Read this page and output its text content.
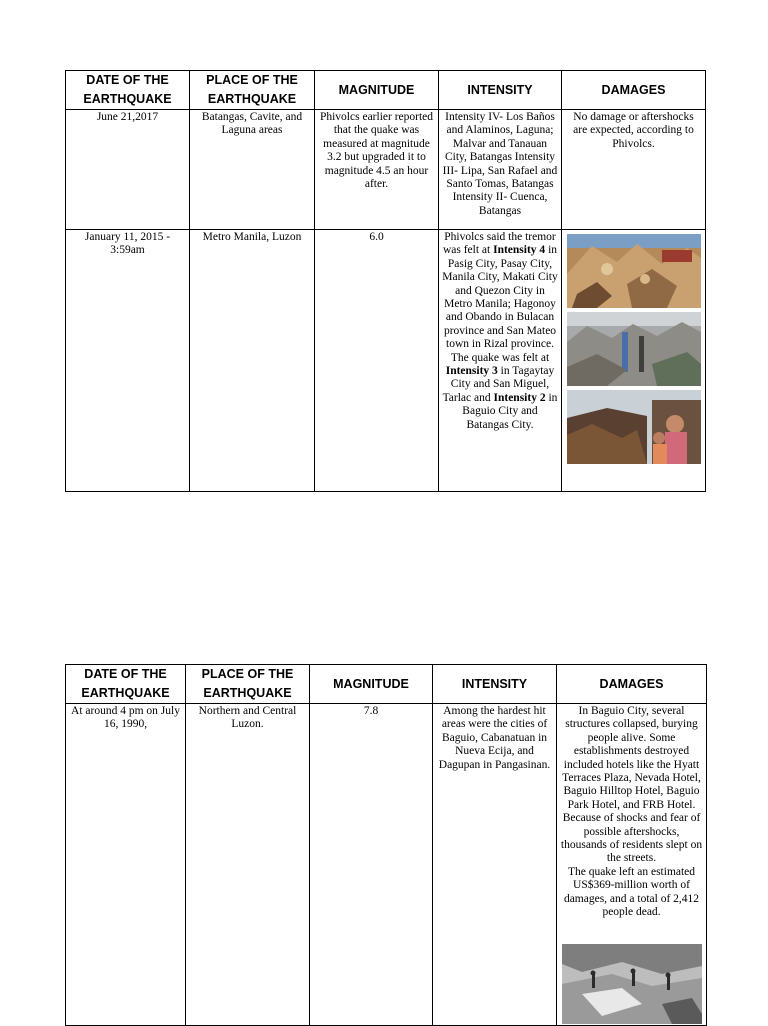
DATE OF THE EARTHQUAKE	PLACE OF THE EARTHQUAKE	MAGNITUDE	INTENSITY	DAMAGES
June 21,2017	Batangas, Cavite, and Laguna areas	Phivolcs earlier reported that the quake was measured at magnitude 3.2 but upgraded it to magnitude 4.5 an hour after.	Intensity IV- Los Baños and Alaminos, Laguna; Malvar and Tanauan City, Batangas Intensity III- Lipa, San Rafael and Santo Tomas, Batangas Intensity II- Cuenca, Batangas	No damage or aftershocks are expected, according to Phivolcs.
January 11, 2015 - 3:59am	Metro Manila, Luzon	6.0	Phivolcs said the tremor was felt at Intensity 4 in Pasig City, Pasay City, Manila City, Makati City and Quezon City in Metro Manila; Hagonoy and Obando in Bulacan province and San Mateo town in Rizal province.
The quake was felt at Intensity 3 in Tagaytay City and San Miguel, Tarlac and Intensity 2 in Baguio City and Batangas City.	
DATE OF THE EARTHQUAKE	PLACE OF THE EARTHQUAKE	MAGNITUDE	INTENSITY	DAMAGES
At around 4 pm on July 16, 1990,	Northern and Central Luzon.	7.8	Among the hardest hit areas were the cities of Baguio, Cabanatuan in Nueva Ecija, and Dagupan in Pangasinan.	In Baguio City, several structures collapsed, burying people alive. Some establishments destroyed included hotels like the Hyatt Terraces Plaza, Nevada Hotel, Baguio Hilltop Hotel, Baguio Park Hotel, and FRB Hotel.
Because of shocks and fear of possible aftershocks, thousands of residents slept on the streets.
The quake left an estimated US$369-million worth of damages, and a total of 2,412 people dead.
